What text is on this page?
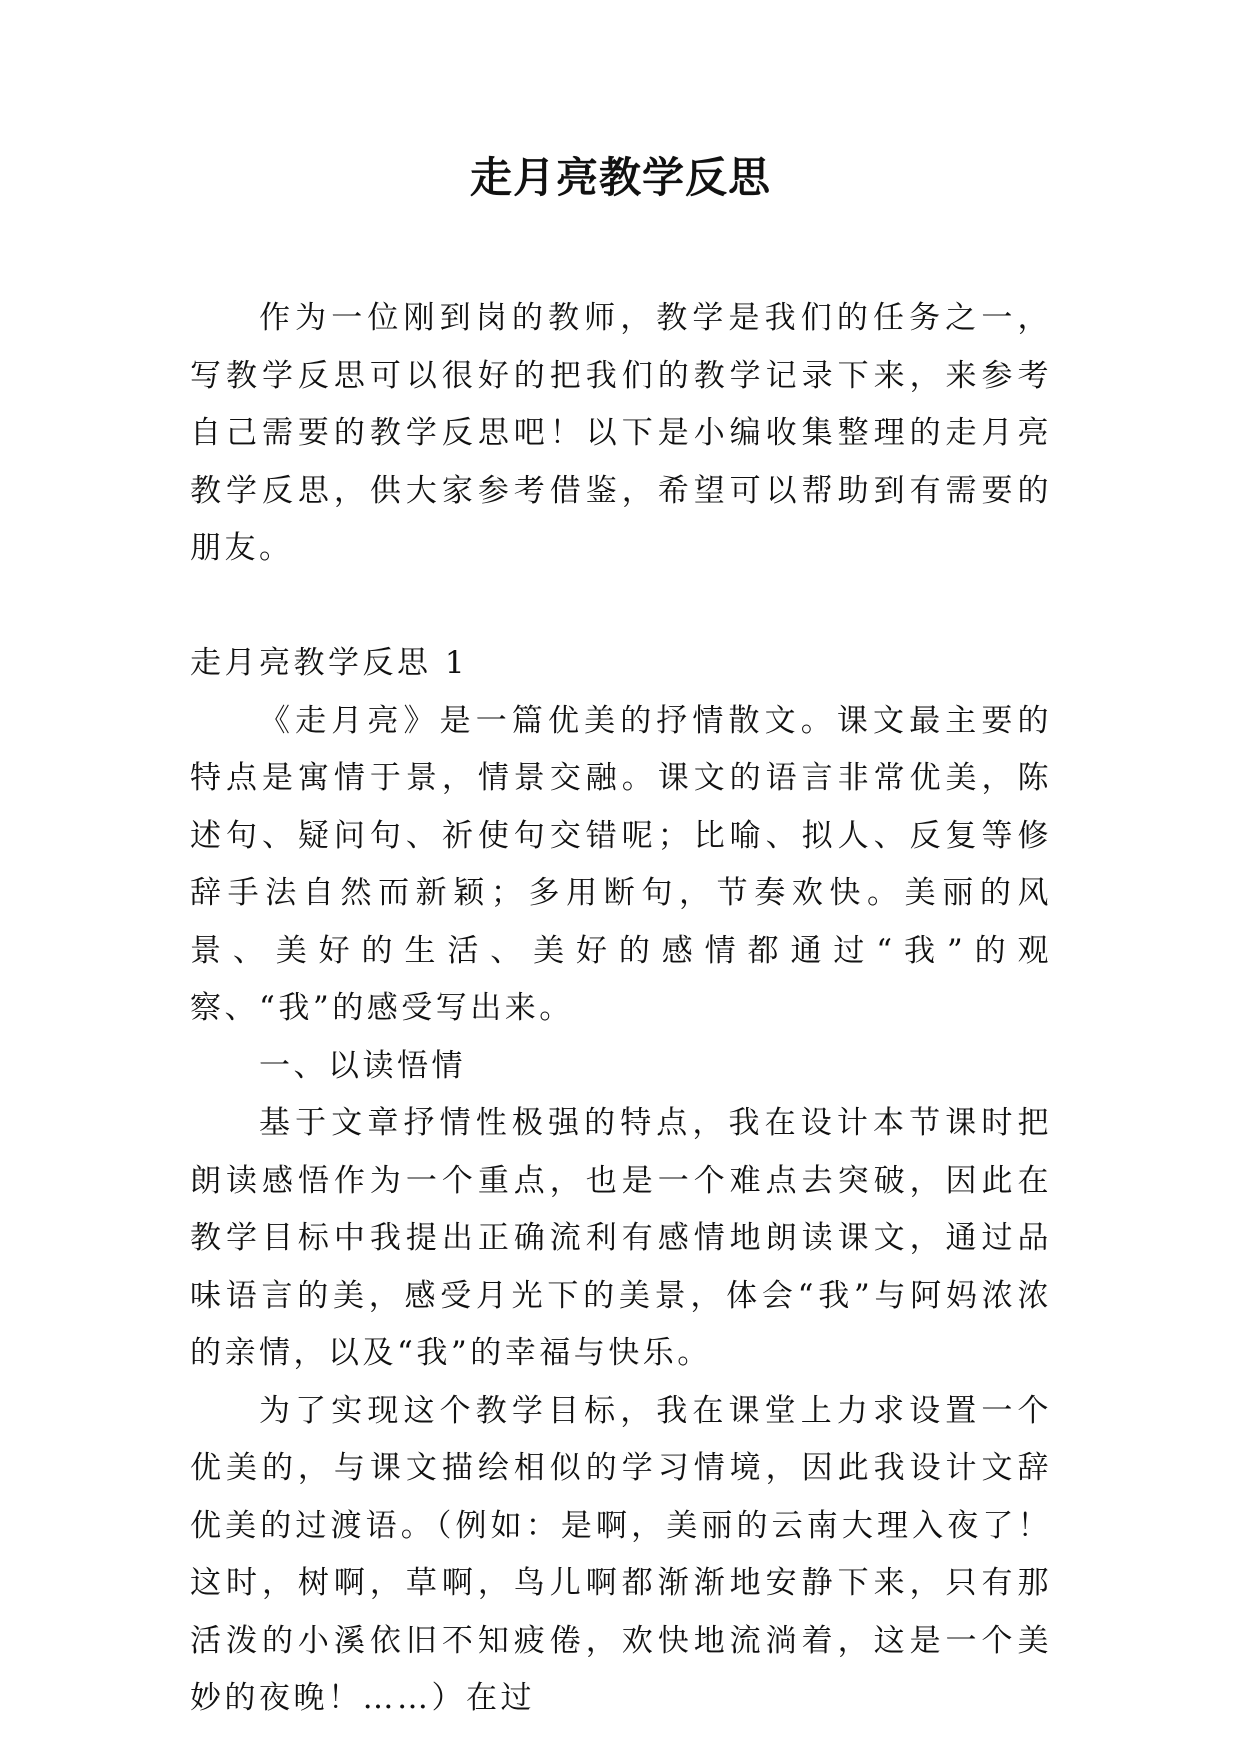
走月亮教学反思

作为一位刚到岗的教师，教学是我们的任务之一，写教学反思可以很好的把我们的教学记录下来，来参考自己需要的教学反思吧！以下是小编收集整理的走月亮教学反思，供大家参考借鉴，希望可以帮助到有需要的朋友。

走月亮教学反思 1

《走月亮》是一篇优美的抒情散文。课文最主要的特点是寓情于景，情景交融。课文的语言非常优美，陈述句、疑问句、祈使句交错呢；比喻、拟人、反复等修辞手法自然而新颖；多用断句，节奏欢快。美丽的风景、美好的生活、美好的感情都通过“我”的观察、“我”的感受写出来。

一、以读悟情

基于文章抒情性极强的特点，我在设计本节课时把朗读感悟作为一个重点，也是一个难点去突破，因此在教学目标中我提出正确流利有感情地朗读课文，通过品味语言的美，感受月光下的美景，体会“我”与阿妈浓浓的亲情，以及“我”的幸福与快乐。

为了实现这个教学目标，我在课堂上力求设置一个优美的，与课文描绘相似的学习情境，因此我设计文辞优美的过渡语。（例如：是啊，美丽的云南大理入夜了！这时，树啊，草啊，鸟儿啊都渐渐地安静下来，只有那活泼的小溪依旧不知疲倦，欢快地流淌着，这是一个美妙的夜晚！……）在过
